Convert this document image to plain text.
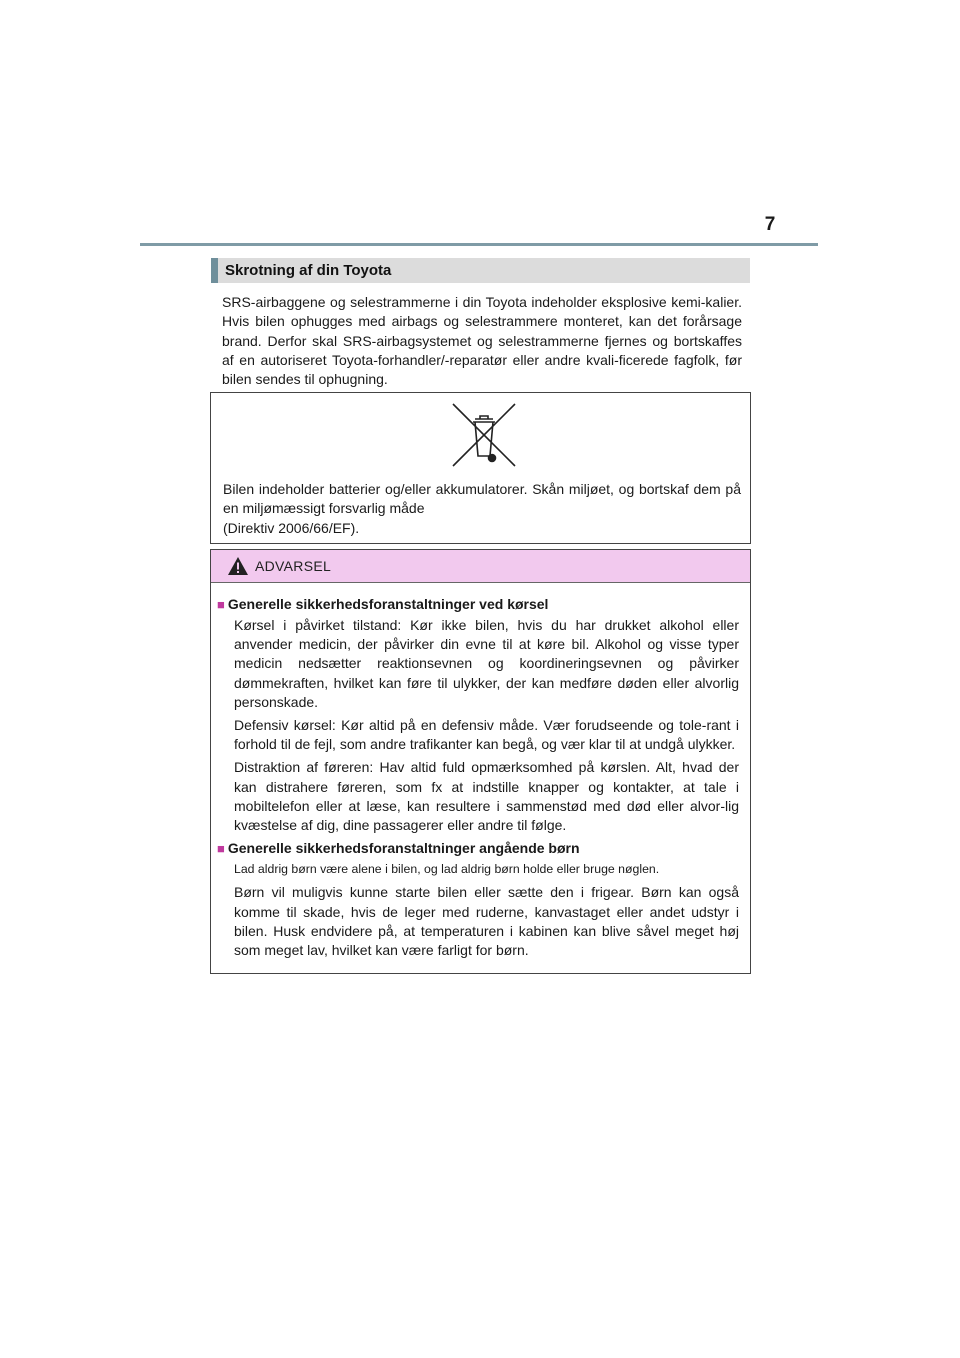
7
Skrotning af din Toyota
SRS-airbaggene og selestrammerne i din Toyota indeholder eksplosive kemi-kalier. Hvis bilen ophugges med airbags og selestrammere monteret, kan det forårsage brand. Derfor skal SRS-airbagsystemet og selestrammerne fjernes og bortskaffes af en autoriseret Toyota-forhandler/-reparatør eller andre kvali-ficerede fagfolk, før bilen sendes til ophugning.

Bilen indeholder batterier og/eller akkumulatorer. Skån miljøet, og bortskaf dem på en miljømæssigt forsvarlig måde

(Direktiv 2006/66/EF).

ADVARSEL
■ Generelle sikkerhedsforanstaltninger ved kørsel

Kørsel i påvirket tilstand: Kør ikke bilen, hvis du har drukket alkohol eller anvender medicin, der påvirker din evne til at køre bil. Alkohol og visse typer medicin nedsætter reaktionsevnen og koordineringsevnen og påvirker dømmekraften, hvilket kan føre til ulykker, der kan medføre døden eller alvorlig personskade.

Defensiv kørsel: Kør altid på en defensiv måde. Vær forudseende og tole-rant i forhold til de fejl, som andre trafikanter kan begå, og vær klar til at undgå ulykker.

Distraktion af føreren: Hav altid fuld opmærksomhed på kørslen. Alt, hvad der kan distrahere føreren, som fx at indstille knapper og kontakter, at tale i mobiltelefon eller at læse, kan resultere i sammenstød med død eller alvor-lig kvæstelse af dig, dine passagerer eller andre til følge.

■ Generelle sikkerhedsforanstaltninger angående børn

Lad aldrig børn være alene i bilen, og lad aldrig børn holde eller bruge nøglen.

Børn vil muligvis kunne starte bilen eller sætte den i frigear. Børn kan også komme til skade, hvis de leger med ruderne, kanvastaget eller andet udstyr i bilen. Husk endvidere på, at temperaturen i kabinen kan blive såvel meget høj som meget lav, hvilket kan være farligt for børn.
